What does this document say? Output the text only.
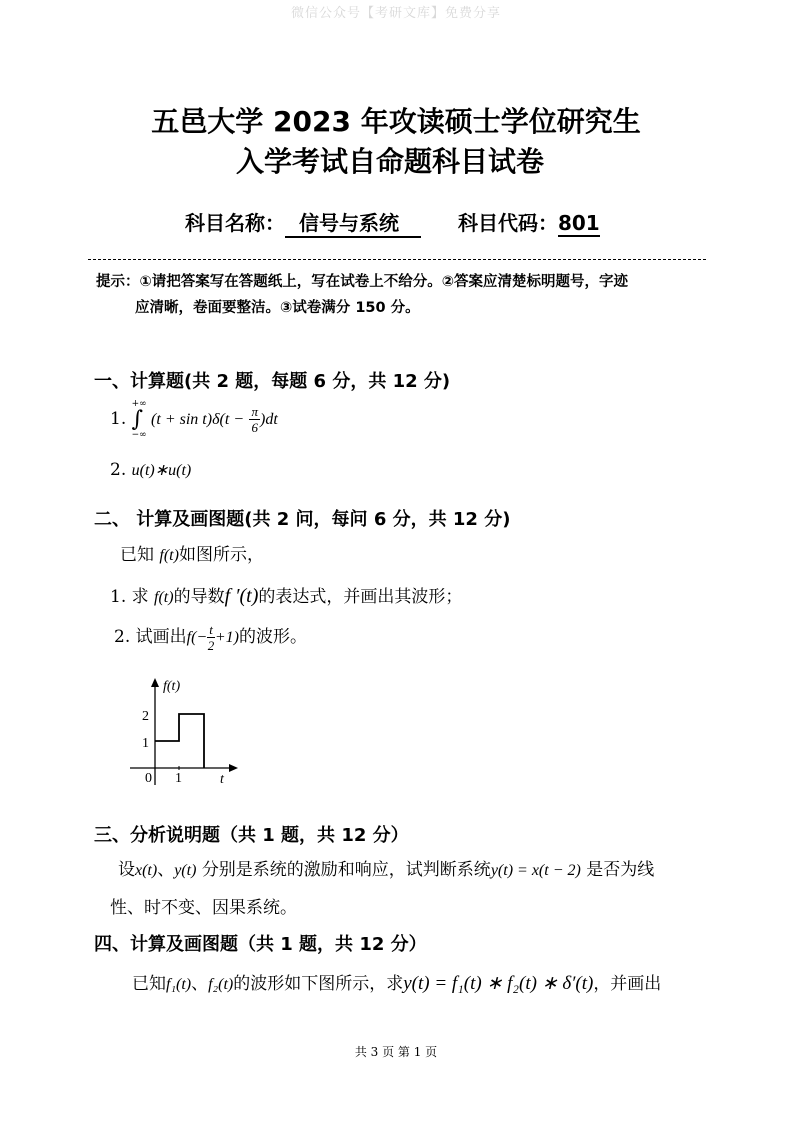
微信公众号【考研文库】免费分享
五邑大学 2023 年攻读硕士学位研究生
入学考试自命题科目试卷
科目名称： 信号与系统	科目代码：801
提示：①请把答案写在答题纸上，写在试卷上不给分。②答案应清楚标明题号，字迹
应清晰，卷面要整洁。③试卷满分 150 分。
一、计算题(共 2 题，每题 6 分，共 12 分)
1. ∫
+∞
−∞
$(t + \sin t)\delta(t - \frac{\pi}{6} )dt$
2. u(t)∗u(t)
二、 计算及画图题(共 2 问，每问 6 分，共 12 分)
已知 f(t)如图所示，
1. 求 f(t)的导数f ′(t)的表达式，并画出其波形；
2. 试画出$f(- \frac{t}{2} +1)$的波形。
f(t)
1
2
0 1	t
三、分析说明题（共 1 题，共 12 分）
设x(t)、y(t) 分别是系统的激励和响应，试判断系统y(t) = x(t − 2) 是否为线
性、时不变、因果系统。
四、计算及画图题（共 1 题，共 12 分）
已知f₁(t)、f₂(t)的波形如下图所示，求y(t) = f₁(t) ∗ f₂(t) ∗ δ′(t)，并画出
共 3 页 第 1 页
